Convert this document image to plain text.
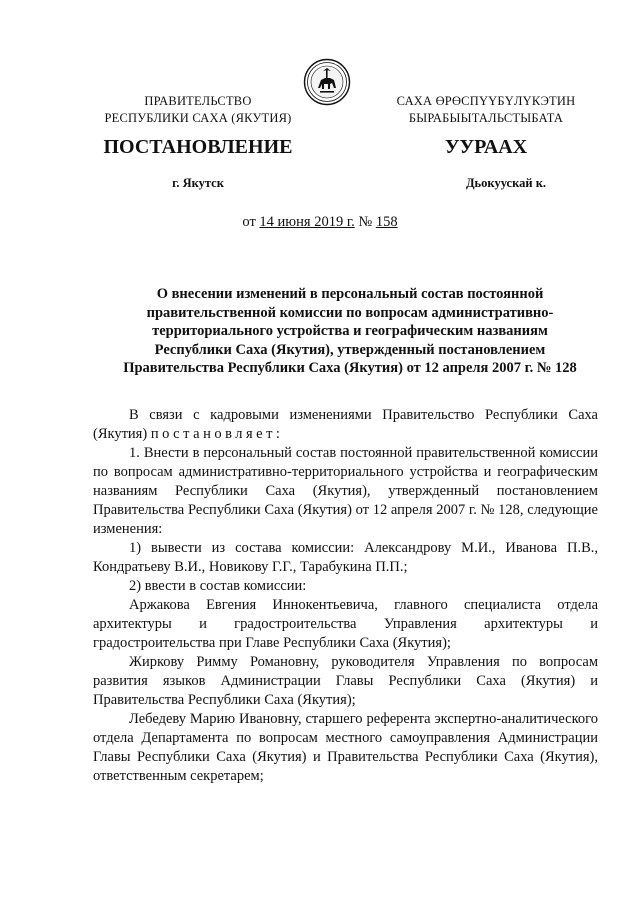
ПРАВИТЕЛЬСТВО
РЕСПУБЛИКИ САХА (ЯКУТИЯ)
САХА ӨРӨСПҮҮБҮЛҮКЭТИН
БЫРАБЫЫТАЛЬСТЫБАТА
ПОСТАНОВЛЕНИЕ	УУРААХ
г. Якутск	Дьокуускай к.
от 14 июня 2019 г. № 158
О внесении изменений в персональный состав постоянной
правительственной комиссии по вопросам административно-
территориального устройства и географическим названиям
Республики Саха (Якутия), утвержденный постановлением
Правительства Республики Саха (Якутия) от 12 апреля 2007 г. № 128

В связи с кадровыми изменениями Правительство Республики Саха (Якутия) постановляет:

1. Внести в персональный состав постоянной правительственной комиссии по вопросам административно-территориального устройства и географическим названиям Республики Саха (Якутия), утвержденный постановлением Правительства Республики Саха (Якутия) от 12 апреля 2007 г. № 128, следующие изменения:

1) вывести из состава комиссии: Александрову М.И., Иванова П.В., Кондратьеву В.И., Новикову Г.Г., Тарабукина П.П.;

2) ввести в состав комиссии:

Аржакова Евгения Иннокентьевича, главного специалиста отдела архитектуры и градостроительства Управления архитектуры и градостроительства при Главе Республики Саха (Якутия);

Жиркову Римму Романовну, руководителя Управления по вопросам развития языков Администрации Главы Республики Саха (Якутия) и Правительства Республики Саха (Якутия);

Лебедеву Марию Ивановну, старшего референта экспертно-аналитического отдела Департамента по вопросам местного самоуправления Администрации Главы Республики Саха (Якутия) и Правительства Республики Саха (Якутия), ответственным секретарем;
